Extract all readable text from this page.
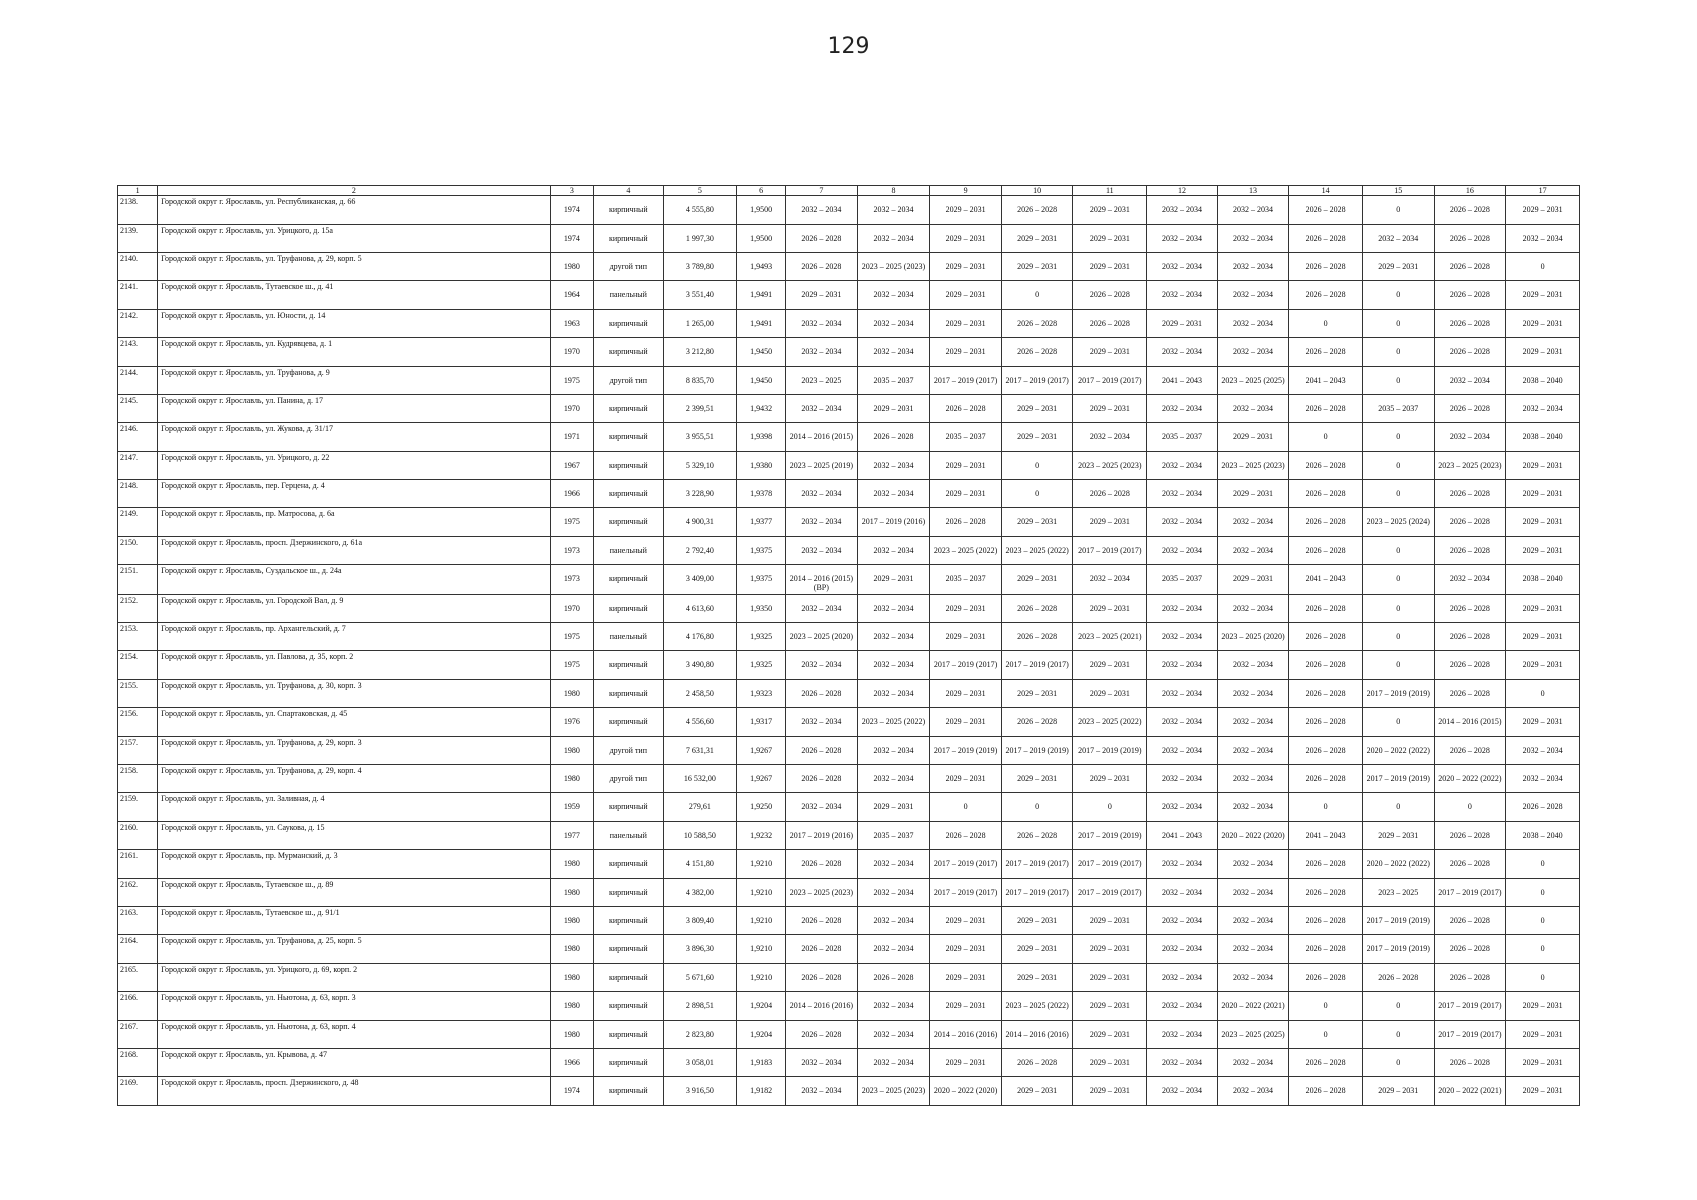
129
1	2	3	4	5	6	7	8	9	10	11	12	13	14	15	16	17
2138.	Городской округ г. Ярославль, ул. Республиканская, д. 66	1974	кирпичный	4 555,80	1,9500	2032 – 2034	2032 – 2034	2029 – 2031	2026 – 2028	2029 – 2031	2032 – 2034	2032 – 2034	2026 – 2028	0	2026 – 2028	2029 – 2031
2139.	Городской округ г. Ярославль, ул. Урицкого, д. 15а	1974	кирпичный	1 997,30	1,9500	2026 – 2028	2032 – 2034	2029 – 2031	2029 – 2031	2029 – 2031	2032 – 2034	2032 – 2034	2026 – 2028	2032 – 2034	2026 – 2028	2032 – 2034
2140.	Городской округ г. Ярославль, ул. Труфанова, д. 29, корп. 5	1980	другой тип	3 789,80	1,9493	2026 – 2028	2023 – 2025 (2023)	2029 – 2031	2029 – 2031	2029 – 2031	2032 – 2034	2032 – 2034	2026 – 2028	2029 – 2031	2026 – 2028	0
2141.	Городской округ г. Ярославль, Тутаевское ш., д. 41	1964	панельный	3 551,40	1,9491	2029 – 2031	2032 – 2034	2029 – 2031	0	2026 – 2028	2032 – 2034	2032 – 2034	2026 – 2028	0	2026 – 2028	2029 – 2031
2142.	Городской округ г. Ярославль, ул. Юности, д. 14	1963	кирпичный	1 265,00	1,9491	2032 – 2034	2032 – 2034	2029 – 2031	2026 – 2028	2026 – 2028	2029 – 2031	2032 – 2034	0	0	2026 – 2028	2029 – 2031
2143.	Городской округ г. Ярославль, ул. Кудрявцева, д. 1	1970	кирпичный	3 212,80	1,9450	2032 – 2034	2032 – 2034	2029 – 2031	2026 – 2028	2029 – 2031	2032 – 2034	2032 – 2034	2026 – 2028	0	2026 – 2028	2029 – 2031
2144.	Городской округ г. Ярославль, ул. Труфанова, д. 9	1975	другой тип	8 835,70	1,9450	2023 – 2025	2035 – 2037	2017 – 2019 (2017)	2017 – 2019 (2017)	2017 – 2019 (2017)	2041 – 2043	2023 – 2025 (2025)	2041 – 2043	0	2032 – 2034	2038 – 2040
2145.	Городской округ г. Ярославль, ул. Панина, д. 17	1970	кирпичный	2 399,51	1,9432	2032 – 2034	2029 – 2031	2026 – 2028	2029 – 2031	2029 – 2031	2032 – 2034	2032 – 2034	2026 – 2028	2035 – 2037	2026 – 2028	2032 – 2034
2146.	Городской округ г. Ярославль, ул. Жукова, д. 31/17	1971	кирпичный	3 955,51	1,9398	2014 – 2016 (2015)	2026 – 2028	2035 – 2037	2029 – 2031	2032 – 2034	2035 – 2037	2029 – 2031	0	0	2032 – 2034	2038 – 2040
2147.	Городской округ г. Ярославль, ул. Урицкого, д. 22	1967	кирпичный	5 329,10	1,9380	2023 – 2025 (2019)	2032 – 2034	2029 – 2031	0	2023 – 2025 (2023)	2032 – 2034	2023 – 2025 (2023)	2026 – 2028	0	2023 – 2025 (2023)	2029 – 2031
2148.	Городской округ г. Ярославль, пер. Герцена, д. 4	1966	кирпичный	3 228,90	1,9378	2032 – 2034	2032 – 2034	2029 – 2031	0	2026 – 2028	2032 – 2034	2029 – 2031	2026 – 2028	0	2026 – 2028	2029 – 2031
2149.	Городской округ г. Ярославль, пр. Матросова, д. 6а	1975	кирпичный	4 900,31	1,9377	2032 – 2034	2017 – 2019 (2016)	2026 – 2028	2029 – 2031	2029 – 2031	2032 – 2034	2032 – 2034	2026 – 2028	2023 – 2025 (2024)	2026 – 2028	2029 – 2031
2150.	Городской округ г. Ярославль, просп. Дзержинского, д. 61а	1973	панельный	2 792,40	1,9375	2032 – 2034	2032 – 2034	2023 – 2025 (2022)	2023 – 2025 (2022)	2017 – 2019 (2017)	2032 – 2034	2032 – 2034	2026 – 2028	0	2026 – 2028	2029 – 2031
2151.	Городской округ г. Ярославль, Суздальское ш., д. 24а	1973	кирпичный	3 409,00	1,9375	2014 – 2016 (2015) (ВР)	2029 – 2031	2035 – 2037	2029 – 2031	2032 – 2034	2035 – 2037	2029 – 2031	2041 – 2043	0	2032 – 2034	2038 – 2040
2152.	Городской округ г. Ярославль, ул. Городской Вал, д. 9	1970	кирпичный	4 613,60	1,9350	2032 – 2034	2032 – 2034	2029 – 2031	2026 – 2028	2029 – 2031	2032 – 2034	2032 – 2034	2026 – 2028	0	2026 – 2028	2029 – 2031
2153.	Городской округ г. Ярославль, пр. Архангельский, д. 7	1975	панельный	4 176,80	1,9325	2023 – 2025 (2020)	2032 – 2034	2029 – 2031	2026 – 2028	2023 – 2025 (2021)	2032 – 2034	2023 – 2025 (2020)	2026 – 2028	0	2026 – 2028	2029 – 2031
2154.	Городской округ г. Ярославль, ул. Павлова, д. 35, корп. 2	1975	кирпичный	3 490,80	1,9325	2032 – 2034	2032 – 2034	2017 – 2019 (2017)	2017 – 2019 (2017)	2029 – 2031	2032 – 2034	2032 – 2034	2026 – 2028	0	2026 – 2028	2029 – 2031
2155.	Городской округ г. Ярославль, ул. Труфанова, д. 30, корп. 3	1980	кирпичный	2 458,50	1,9323	2026 – 2028	2032 – 2034	2029 – 2031	2029 – 2031	2029 – 2031	2032 – 2034	2032 – 2034	2026 – 2028	2017 – 2019 (2019)	2026 – 2028	0
2156.	Городской округ г. Ярославль, ул. Спартаковская, д. 45	1976	кирпичный	4 556,60	1,9317	2032 – 2034	2023 – 2025 (2022)	2029 – 2031	2026 – 2028	2023 – 2025 (2022)	2032 – 2034	2032 – 2034	2026 – 2028	0	2014 – 2016 (2015)	2029 – 2031
2157.	Городской округ г. Ярославль, ул. Труфанова, д. 29, корп. 3	1980	другой тип	7 631,31	1,9267	2026 – 2028	2032 – 2034	2017 – 2019 (2019)	2017 – 2019 (2019)	2017 – 2019 (2019)	2032 – 2034	2032 – 2034	2026 – 2028	2020 – 2022 (2022)	2026 – 2028	2032 – 2034
2158.	Городской округ г. Ярославль, ул. Труфанова, д. 29, корп. 4	1980	другой тип	16 532,00	1,9267	2026 – 2028	2032 – 2034	2029 – 2031	2029 – 2031	2029 – 2031	2032 – 2034	2032 – 2034	2026 – 2028	2017 – 2019 (2019)	2020 – 2022 (2022)	2032 – 2034
2159.	Городской округ г. Ярославль, ул. Заливная, д. 4	1959	кирпичный	279,61	1,9250	2032 – 2034	2029 – 2031	0	0	0	2032 – 2034	2032 – 2034	0	0	0	2026 – 2028
2160.	Городской округ г. Ярославль, ул. Саукова, д. 15	1977	панельный	10 588,50	1,9232	2017 – 2019 (2016)	2035 – 2037	2026 – 2028	2026 – 2028	2017 – 2019 (2019)	2041 – 2043	2020 – 2022 (2020)	2041 – 2043	2029 – 2031	2026 – 2028	2038 – 2040
2161.	Городской округ г. Ярославль, пр. Мурманский, д. 3	1980	кирпичный	4 151,80	1,9210	2026 – 2028	2032 – 2034	2017 – 2019 (2017)	2017 – 2019 (2017)	2017 – 2019 (2017)	2032 – 2034	2032 – 2034	2026 – 2028	2020 – 2022 (2022)	2026 – 2028	0
2162.	Городской округ г. Ярославль, Тутаевское ш., д. 89	1980	кирпичный	4 382,00	1,9210	2023 – 2025 (2023)	2032 – 2034	2017 – 2019 (2017)	2017 – 2019 (2017)	2017 – 2019 (2017)	2032 – 2034	2032 – 2034	2026 – 2028	2023 – 2025	2017 – 2019 (2017)	0
2163.	Городской округ г. Ярославль, Тутаевское ш., д. 91/1	1980	кирпичный	3 809,40	1,9210	2026 – 2028	2032 – 2034	2029 – 2031	2029 – 2031	2029 – 2031	2032 – 2034	2032 – 2034	2026 – 2028	2017 – 2019 (2019)	2026 – 2028	0
2164.	Городской округ г. Ярославль, ул. Труфанова, д. 25, корп. 5	1980	кирпичный	3 896,30	1,9210	2026 – 2028	2032 – 2034	2029 – 2031	2029 – 2031	2029 – 2031	2032 – 2034	2032 – 2034	2026 – 2028	2017 – 2019 (2019)	2026 – 2028	0
2165.	Городской округ г. Ярославль, ул. Урицкого, д. 69, корп. 2	1980	кирпичный	5 671,60	1,9210	2026 – 2028	2026 – 2028	2029 – 2031	2029 – 2031	2029 – 2031	2032 – 2034	2032 – 2034	2026 – 2028	2026 – 2028	2026 – 2028	0
2166.	Городской округ г. Ярославль, ул. Ньютона, д. 63, корп. 3	1980	кирпичный	2 898,51	1,9204	2014 – 2016 (2016)	2032 – 2034	2029 – 2031	2023 – 2025 (2022)	2029 – 2031	2032 – 2034	2020 – 2022 (2021)	0	0	2017 – 2019 (2017)	2029 – 2031
2167.	Городской округ г. Ярославль, ул. Ньютона, д. 63, корп. 4	1980	кирпичный	2 823,80	1,9204	2026 – 2028	2032 – 2034	2014 – 2016 (2016)	2014 – 2016 (2016)	2029 – 2031	2032 – 2034	2023 – 2025 (2025)	0	0	2017 – 2019 (2017)	2029 – 2031
2168.	Городской округ г. Ярославль, ул. Крывова, д. 47	1966	кирпичный	3 058,01	1,9183	2032 – 2034	2032 – 2034	2029 – 2031	2026 – 2028	2029 – 2031	2032 – 2034	2032 – 2034	2026 – 2028	0	2026 – 2028	2029 – 2031
2169.	Городской округ г. Ярославль, просп. Дзержинского, д. 48	1974	кирпичный	3 916,50	1,9182	2032 – 2034	2023 – 2025 (2023)	2020 – 2022 (2020)	2029 – 2031	2029 – 2031	2032 – 2034	2032 – 2034	2026 – 2028	2029 – 2031	2020 – 2022 (2021)	2029 – 2031
